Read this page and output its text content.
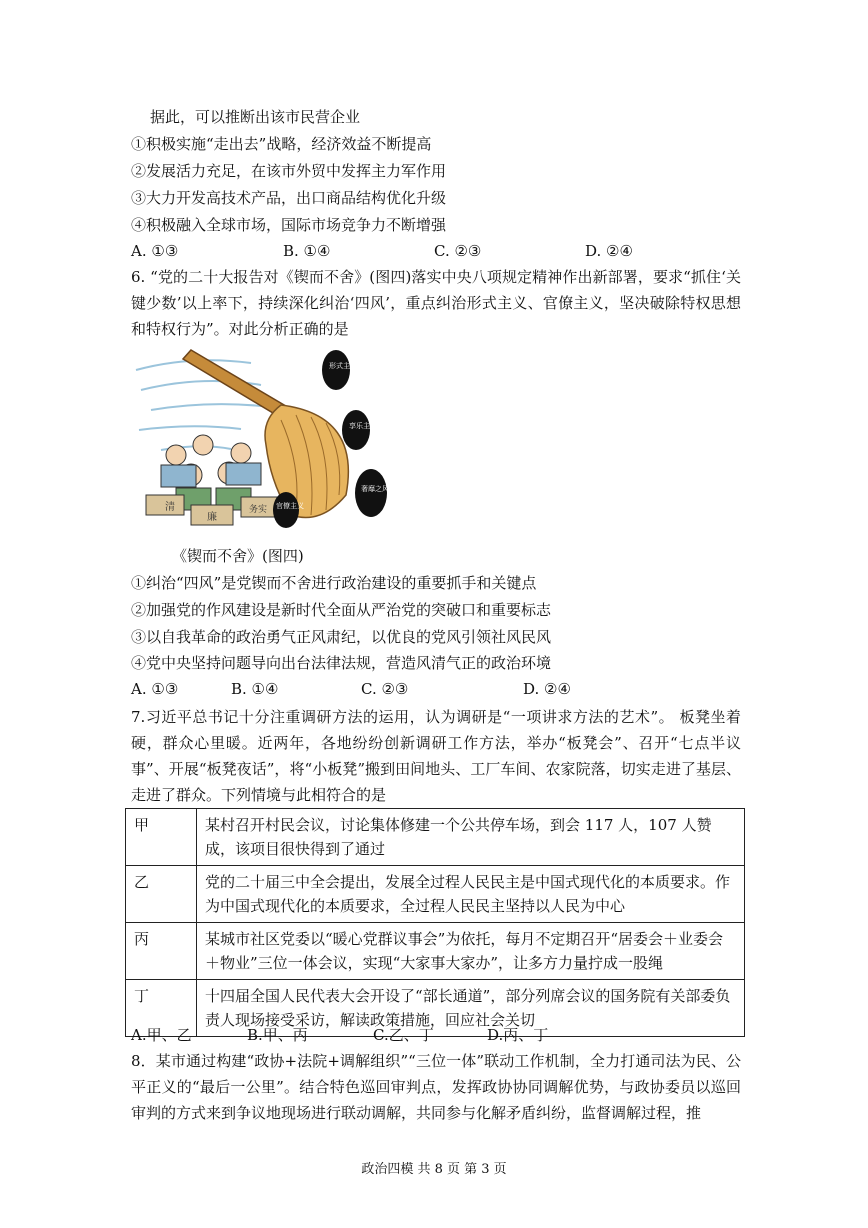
据此，可以推断出该市民营企业
①积极实施“走出去”战略，经济效益不断提高
②发展活力充足，在该市外贸中发挥主力军作用
③大力开发高技术产品，出口商品结构优化升级
④积极融入全球市场，国际市场竞争力不断增强
A. ①③	B. ①④	C. ②③	D. ②④
6. “党的二十大报告对《锲而不舍》(图四)落实中央八项规定精神作出新部署，要求“抓住‘关键少数’以上率下，持续深化纠治‘四风’，重点纠治形式主义、官僚主义，坚决破除特权思想和特权行为”。对此分析正确的是
清
廉
务实
形式主义
享乐主义
官僚主义
奢靡之风
《锲而不舍》(图四)
①纠治“四风”是党锲而不舍进行政治建设的重要抓手和关键点
②加强党的作风建设是新时代全面从严治党的突破口和重要标志
③以自我革命的政治勇气正风肃纪，以优良的党风引领社风民风
④党中央坚持问题导向出台法律法规，营造风清气正的政治环境
A. ①③	B. ①④	C. ②③	D. ②④
7.习近平总书记十分注重调研方法的运用，认为调研是“一项讲求方法的艺术”。 板凳坐着硬，群众心里暖。近两年，各地纷纷创新调研工作方法，举办“板凳会”、召开“七点半议事”、开展“板凳夜话”，将“小板凳”搬到田间地头、工厂车间、农家院落，切实走进了基层、走进了群众。下列情境与此相符合的是
甲	某村召开村民会议，讨论集体修建一个公共停车场，到会 117 人，107 人赞成，该项目很快得到了通过
乙	党的二十届三中全会提出，发展全过程人民民主是中国式现代化的本质要求。作为中国式现代化的本质要求，全过程人民民主坚持以人民为中心
丙	某城市社区党委以“暖心党群议事会”为依托，每月不定期召开“居委会＋业委会＋物业”三位一体会议，实现“大家事大家办”，让多方力量拧成一股绳
丁	十四届全国人民代表大会开设了“部长通道”，部分列席会议的国务院有关部委负责人现场接受采访，解读政策措施，回应社会关切
A.甲、乙	B.甲、丙	C.乙、丁	D.丙、丁
8．某市通过构建“政协+法院+调解组织”“三位一体”联动工作机制，全力打通司法为民、公平正义的“最后一公里”。结合特色巡回审判点，发挥政协协同调解优势，与政协委员以巡回审判的方式来到争议地现场进行联动调解，共同参与化解矛盾纠纷，监督调解过程，推
政治四模 共 8 页 第 3 页
